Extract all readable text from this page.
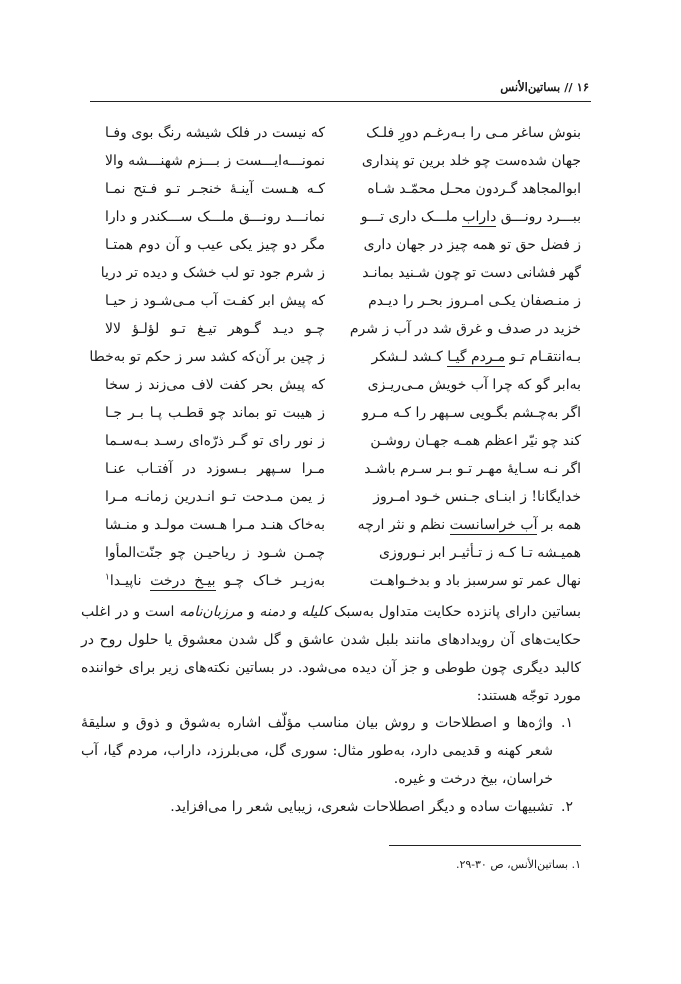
۱۶ // بساتین‌الأنس
بنوش ساغر مـی را بـه‌رغـم دورِ فلـک
جهان شده‌ست چو خلد برین تو پنداری
ابوالمجاهد گـردون محـل محمّـد شـاه
ببـــرد رونـــق داراب ملـــک داری تـــو
ز فضل حق تو همه چیز در جهان داری
گهر فشانی دست تو چون شـنید بمانـد
ز منـصفان یکـی امـروز بحـر را دیـدم
خزید در صدف و غرق شد در آب ز شرم
بـه‌انتقـام تـو مـردم گیـا کـشد لـشکر
به‌ابر گو که چرا آب خویش مـی‌ریـزی
اگر به‌چـشم بگـویی سـپهر را کـه مـرو
کند چو نیّر اعظم همـه جهـان روشـن
اگر نـه سـایهٔ مهـر تـو بـر سـرم باشـد
خدایگانا! ز ابنـای جـنس خـود امـروز
همه بر آب خراسانست نظم و نثر ارچه
همیـشه تـا کـه ز تـأثیـر ابر نـوروزی
نهال عمر تو سرسبز باد و بدخـواهـت
که نیست در فلک شیشه رنگ بوی وفـا
نمونـــه‌ایـــست ز بـــزم شهنـــشه والا
کـه هـست آینـهٔ خنجـر تـو فـتح نمـا
نمانـــد رونـــق ملـــک ســـکندر و دارا
مگر دو چیز یکی عیب و آن دوم همتـا
ز شرم جود تو لب خشک و دیده تر دریا
که پیش ابر کفـت آب مـی‌شـود ز حیـا
چـو دیـد گـوهر تیـغ تـو لؤلـؤ لالا
ز چین بر آن‌که کشد سر ز حکم تو به‌خطا
که پیش بحر کفت لاف می‌زند ز سخا
ز هیبت تو بماند چو قطـب پـا بـر جـا
ز نور رای تو گـر ذرّه‌ای رسـد بـه‌سـما
مـرا سـپهر بـسوزد در آفتـاب عنـا
ز یمن مـدحت تـو انـدرین زمانـه مـرا
به‌خاک هنـد مـرا هـست مولـد و منـشا
چمـن شـود ز ریاحیـن چو جنّت‌المأوا
به‌زیـر خـاک چـو بیـخ درخت ناپیـدا$^۱$

بساتین دارای پانزده حکایت متداول به‌سبک کلیله و دمنه و مرزبان‌نامه است و در اغلب حکایت‌های آن رویدادهای مانند بلبل شدن عاشق و گل شدن معشوق یا حلول روح در کالبد دیگری چون طوطی و جز آن دیده می‌شود. در بساتین نکته‌های زیر برای خواننده مورد توجّه هستند:

۱.
واژه‌ها و اصطلاحات و روش بیان مناسب مؤلّف اشاره به‌شوق و ذوق و سلیقهٔ شعر کهنه و قدیمی دارد، به‌طور مثال: سوری گل، می‌بلرزد، داراب، مردم گیا، آب خراسان، بیخ درخت و غیره.
۲.
تشبیهات ساده و دیگر اصطلاحات شعری، زیبایی شعر را می‌افزاید.
۱. بساتین‌الأنس، ص ۳۰-۲۹.
